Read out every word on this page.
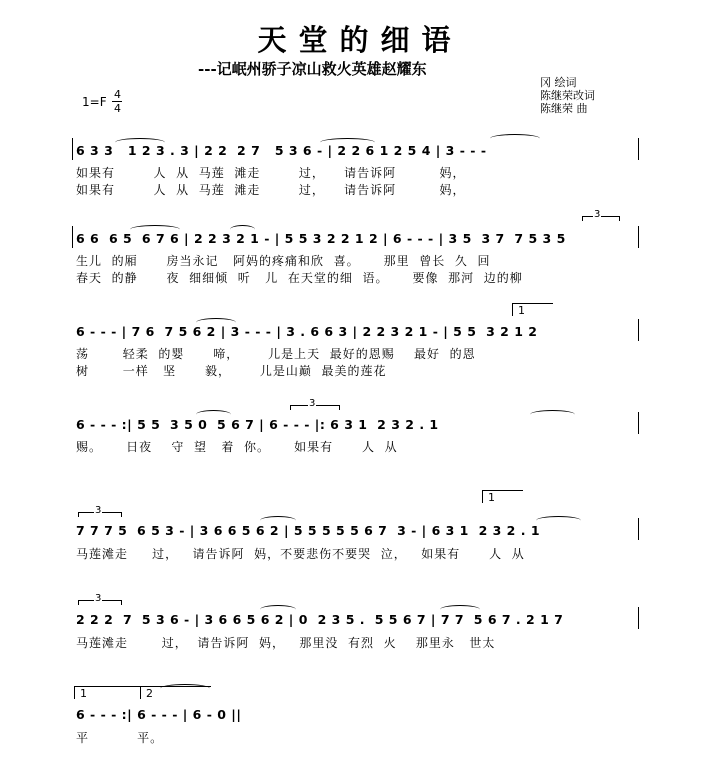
天堂的细语
---记岷州骄子凉山救火英雄赵耀东
冈 绘词
陈继荣改词
陈继荣 曲
1=F
4
4
6 3 3   1 2 3 . 3 | 2 2  2 7   5 3 6 - | 2 2 6 1 2 5 4 | 3 - - -
如果有        人  从  马莲  滩走        过，    请告诉阿         妈，
如果有        人  从  马莲  滩走        过，    请告诉阿         妈，
6 6  6 5  6 7 6 | 2 2 3 2 1 - | 5 5 3 2 2 1 2 | 6 - - - | 3 5  3 7  7 5 3 5
生儿  的厢      房当永记   阿妈的疼痛和欣  喜。     那里  曾长  久  回
春天  的静      夜  细细倾  听   儿  在天堂的细  语。     要像  那河  边的柳
3
6 - - - | 7 6  7 5 6 2 | 3 - - - | 3 . 6 6 3 | 2 2 3 2 1 - | 5 5  3 2 1 2
荡       轻柔  的婴      啼，      儿是上天  最好的恩赐    最好  的恩
树       一样   坚      毅，      儿是山巅  最美的莲花
1
6 - - - :| 5 5  3 5 0  5 6 7 | 6 - - - |: 6 3 1  2 3 2 . 1
赐。     日夜    守  望   着  你。     如果有      人  从
3
7 7 7 5  6 5 3 - | 3 6 6 5 6 2 | 5 5 5 5 5 6 7  3 - | 6 3 1  2 3 2 . 1
马莲滩走     过，   请告诉阿  妈，不要悲伤不要哭  泣，   如果有      人  从
3
1
2 2 2  7  5 3 6 - | 3 6 6 5 6 2 | 0  2 3 5 .  5 5 6 7 | 7 7  5 6 7 . 2 1 7
马莲滩走       过，  请告诉阿  妈，   那里没  有烈  火    那里永   世太
3
6 - - - :| 6 - - - | 6 - 0 ||
平          平。
1	2
